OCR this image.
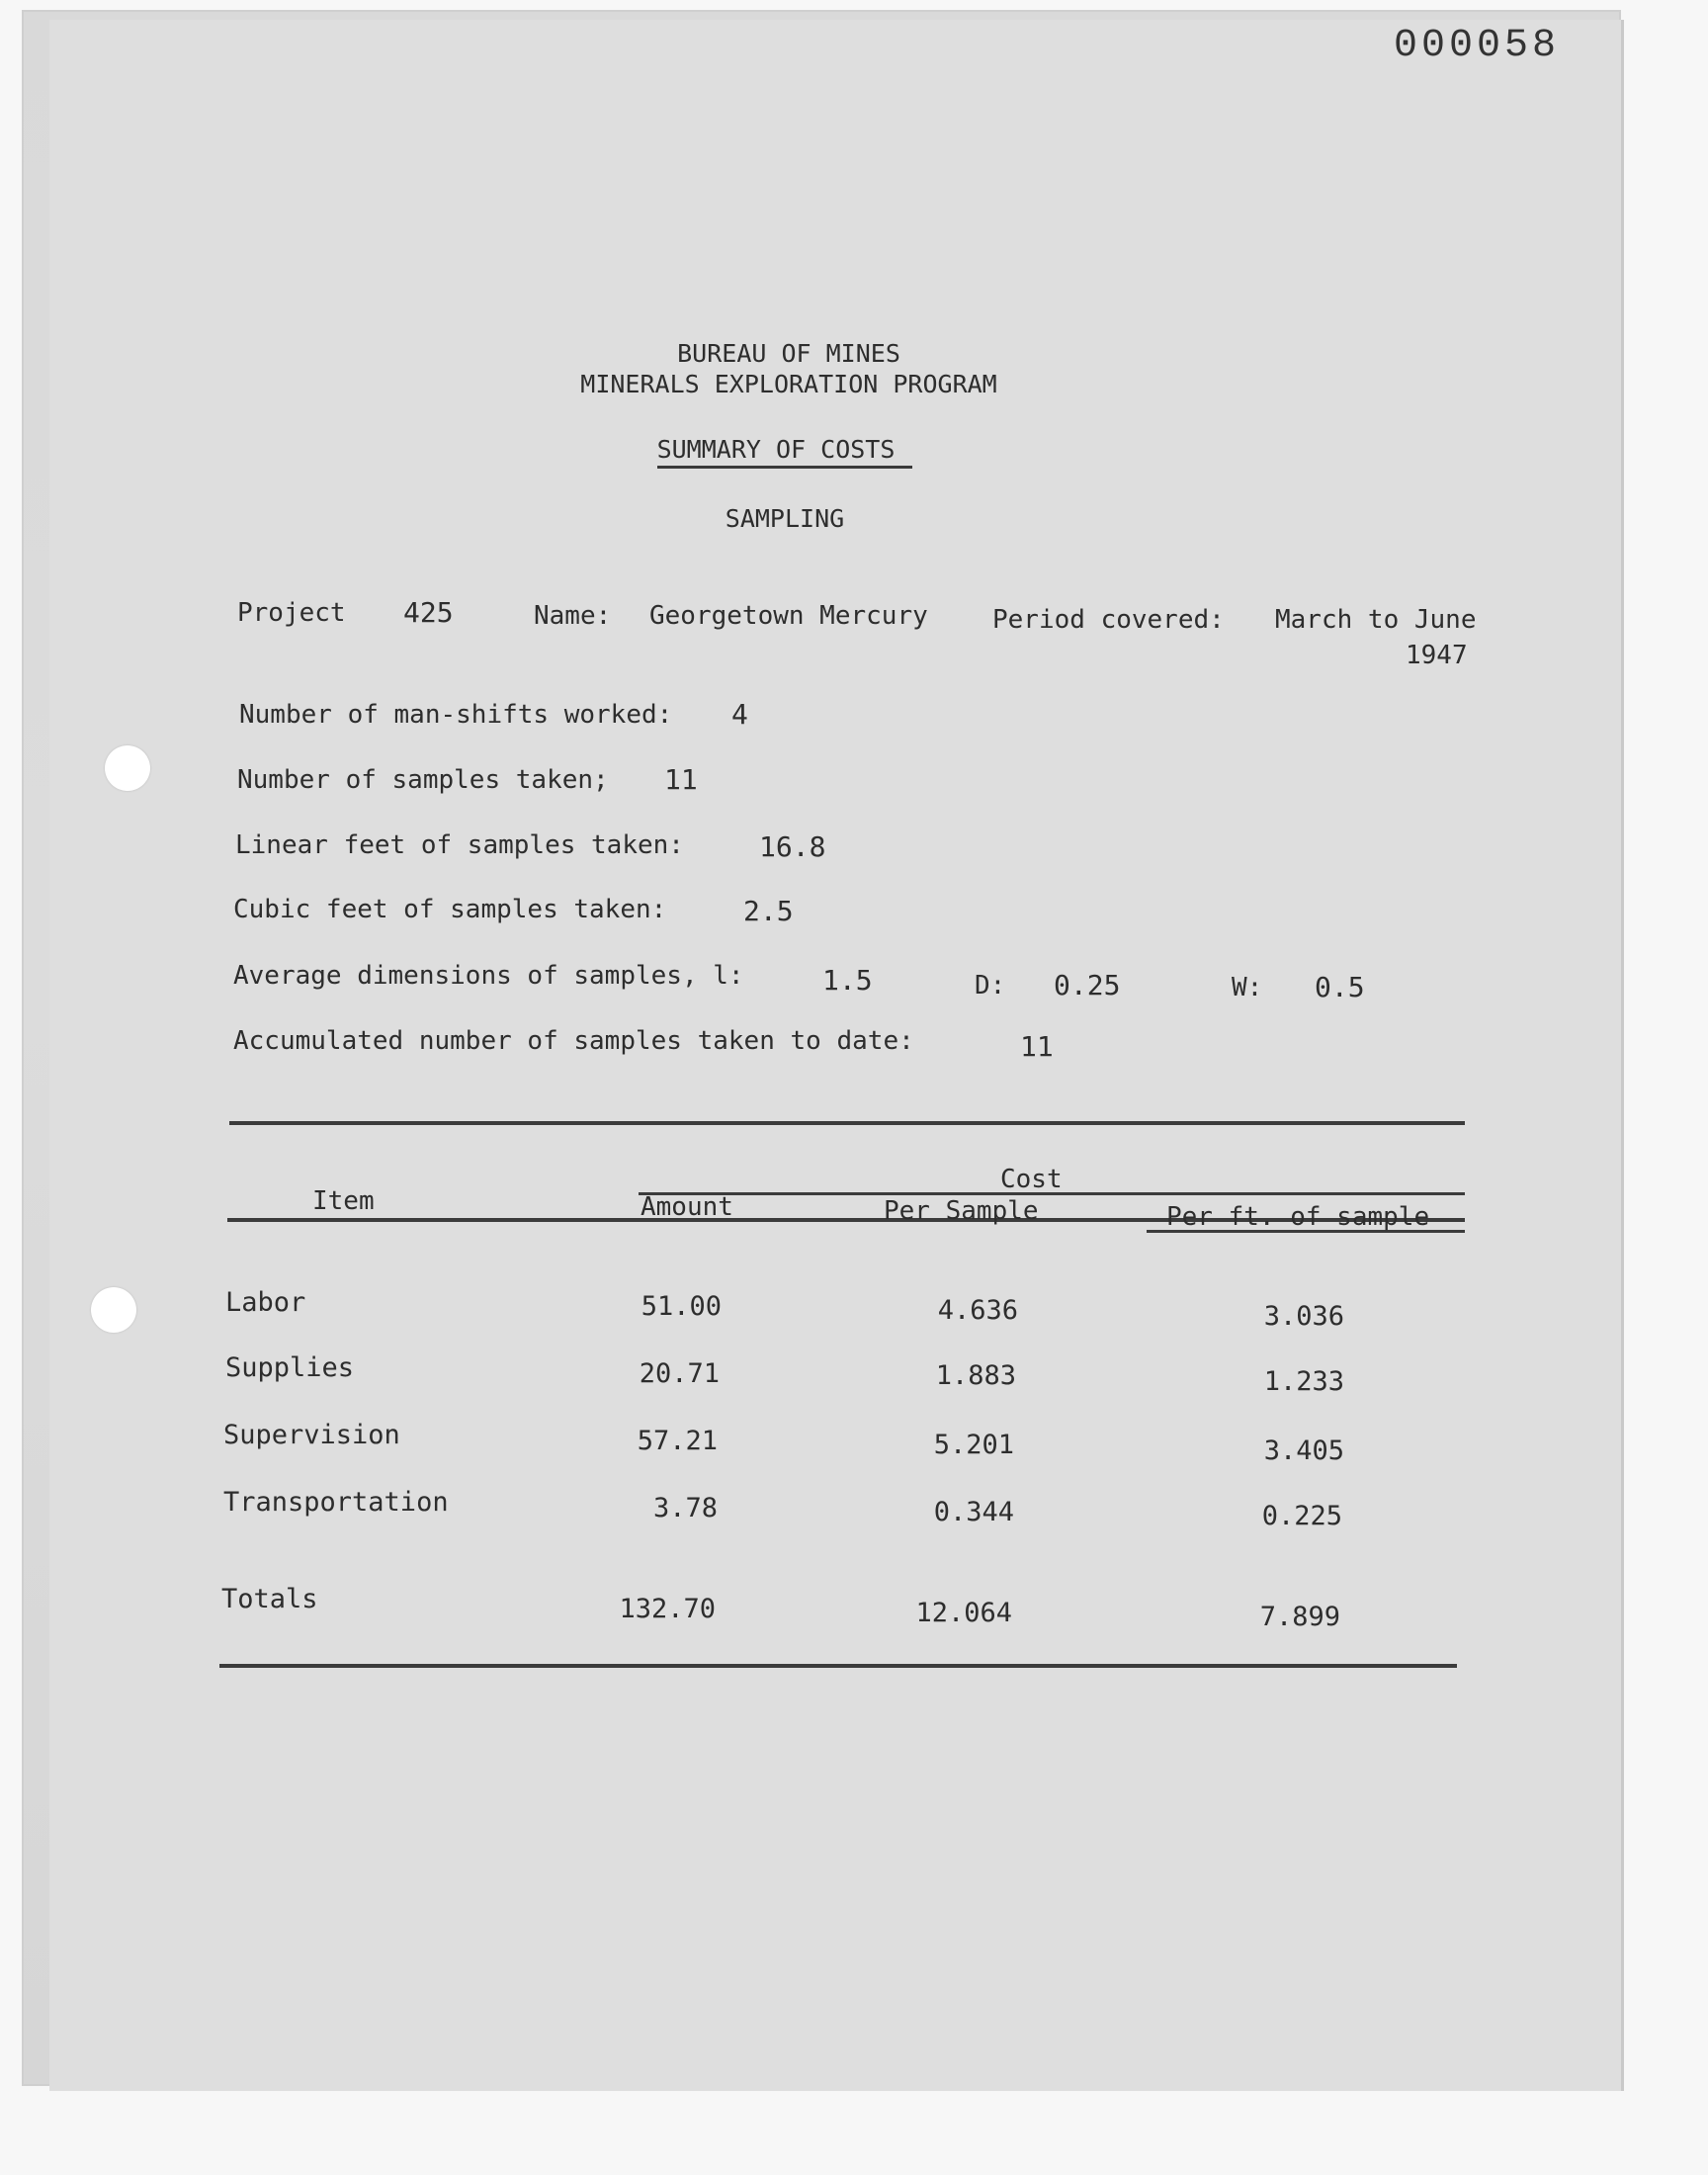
000058
BUREAU OF MINES
MINERALS EXPLORATION PROGRAM
SUMMARY OF COSTS
SAMPLING
Project 425	Name: Georgetown Mercury	Period covered: March to June
1947
Number of man-shifts worked: 4
Number of samples taken; 11
Linear feet of samples taken:	16.8
Cubic feet of samples taken:	2.5
Average dimensions of samples, l:	1.5	D: 0.25	W: 0.5
Accumulated number of samples taken to date:	11
Cost
Item	Amount	Per Sample	Per ft. of sample
Labor	51.00	4.636	3.036
Supplies	20.71	1.883	1.233
Supervision	57.21	5.201	3.405
Transportation	3.78	0.344	0.225
Totals	132.70	12.064	7.899
